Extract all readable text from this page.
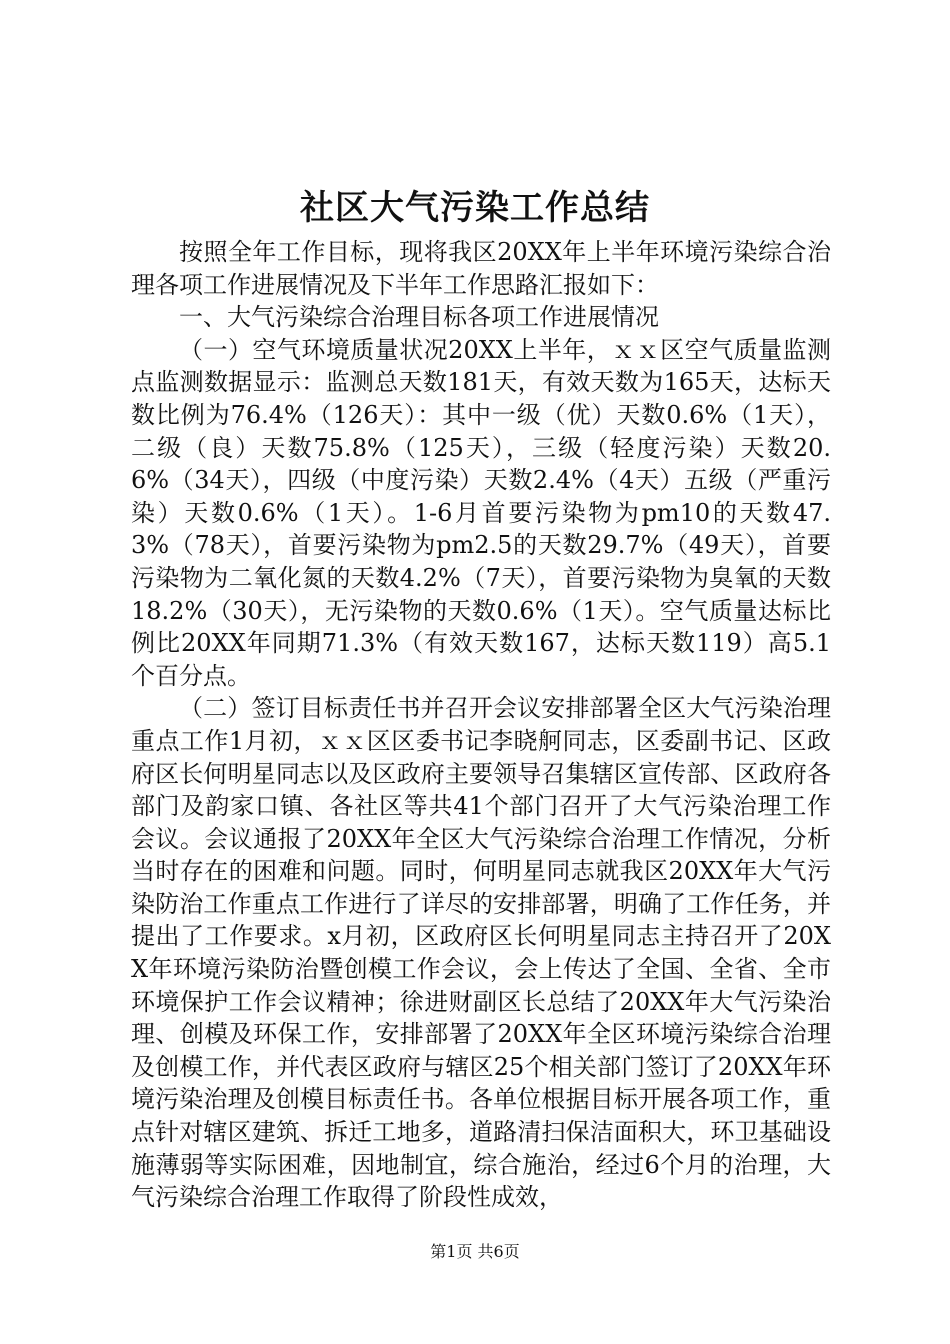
社区大气污染工作总结

按照全年工作目标，现将我区20XX年上半年环境污染综合治理各项工作进展情况及下半年工作思路汇报如下：

一、大气污染综合治理目标各项工作进展情况

（一）空气环境质量状况20XX上半年，ｘｘ区空气质量监测点监测数据显示：监测总天数181天，有效天数为165天，达标天数比例为76.4%（126天）：其中一级（优）天数0.6%（1天），二级（良）天数75.8%（125天），三级（轻度污染）天数20.6%（34天），四级（中度污染）天数2.4%（4天）五级（严重污染）天数0.6%（1天）。1-6月首要污染物为pm10的天数47.3%（78天），首要污染物为pm2.5的天数29.7%（49天），首要污染物为二氧化氮的天数4.2%（7天），首要污染物为臭氧的天数18.2%（30天），无污染物的天数0.6%（1天）。空气质量达标比例比20XX年同期71.3%（有效天数167，达标天数119）高5.1个百分点。

（二）签订目标责任书并召开会议安排部署全区大气污染治理重点工作1月初，ｘｘ区区委书记李晓舸同志，区委副书记、区政府区长何明星同志以及区政府主要领导召集辖区宣传部、区政府各部门及韵家口镇、各社区等共41个部门召开了大气污染治理工作会议。会议通报了20XX年全区大气污染综合治理工作情况，分析当时存在的困难和问题。同时，何明星同志就我区20XX年大气污染防治工作重点工作进行了详尽的安排部署，明确了工作任务，并提出了工作要求。x月初，区政府区长何明星同志主持召开了20XX年环境污染防治暨创模工作会议，会上传达了全国、全省、全市环境保护工作会议精神；徐进财副区长总结了20XX年大气污染治理、创模及环保工作，安排部署了20XX年全区环境污染综合治理及创模工作，并代表区政府与辖区25个相关部门签订了20XX年环境污染治理及创模目标责任书。各单位根据目标开展各项工作，重点针对辖区建筑、拆迁工地多，道路清扫保洁面积大，环卫基础设施薄弱等实际困难，因地制宜，综合施治，经过6个月的治理，大气污染综合治理工作取得了阶段性成效，

第1页 共6页
